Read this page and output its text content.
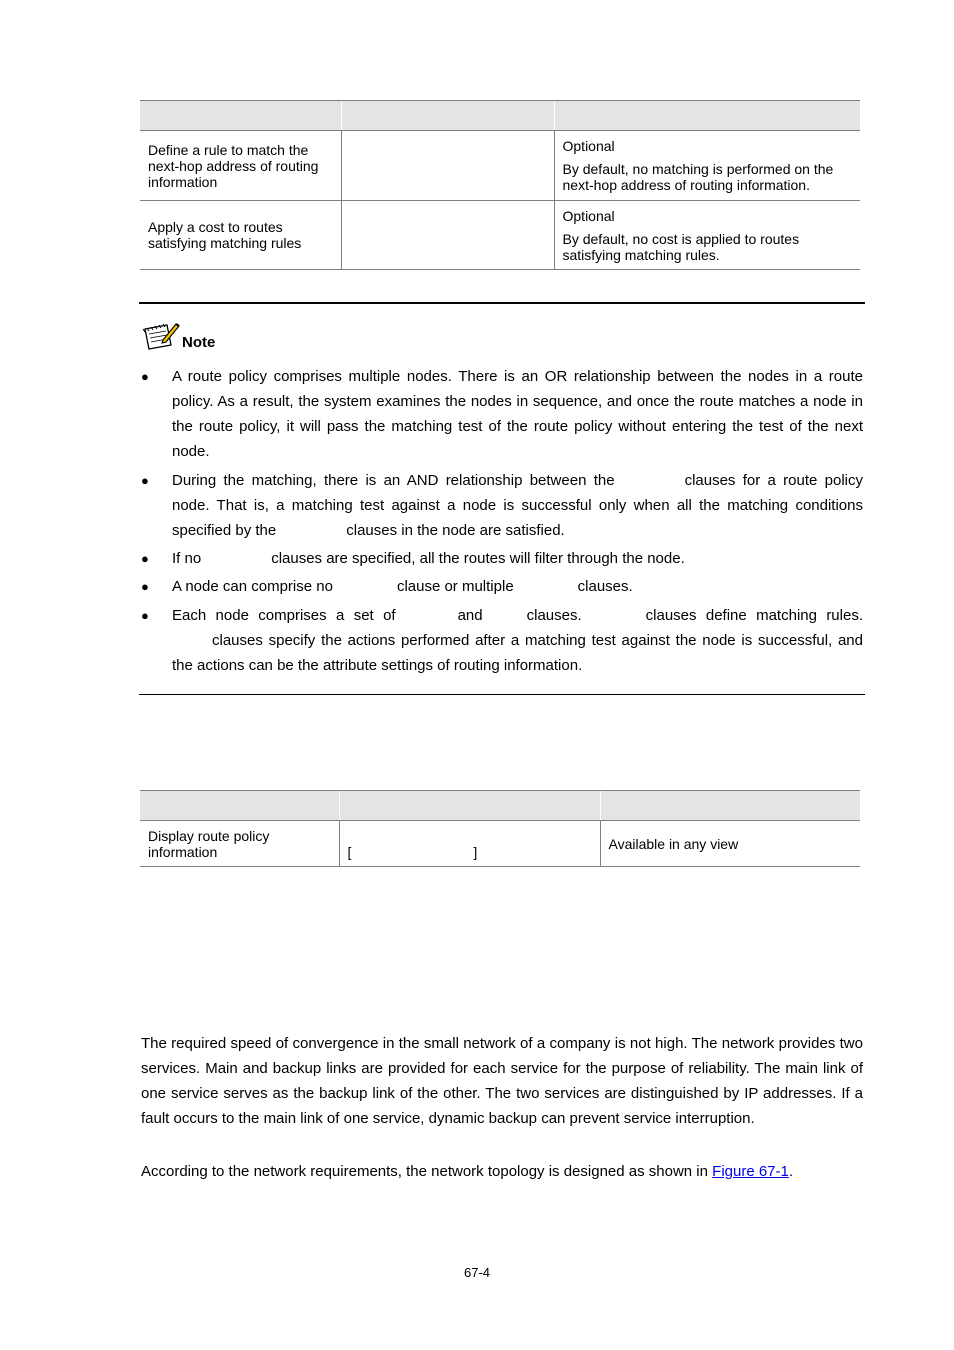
Define a rule to match the next-hop address of routing information		Optional

By default, no matching is performed on the next-hop address of routing information.

Apply a cost to routes satisfying matching rules		Optional

By default, no cost is applied to routes satisfying matching rules.

Note
● A route policy comprises multiple nodes. There is an OR relationship between the nodes in a route policy. As a result, the system examines the nodes in sequence, and once the route matches a node in the route policy, it will pass the matching test of the route policy without entering the test of the next node.
● During the matching, there is an AND relationship between the	clauses for a route policy node. That is, a matching test against a node is successful only when all the matching conditions specified by the	clauses in the node are satisfied.
● If no	clauses are specified, all the routes will filter through the node.
● A node can comprise no	clause or multiple	clauses.
● Each node comprises a set of	and	clauses.	clauses define matching rules. clauses specify the actions performed after a matching test against the node is successful, and the actions can be the attribute settings of routing information.

Display route policy information	[ ]	Available in any view
The required speed of convergence in the small network of a company is not high. The network provides two services. Main and backup links are provided for each service for the purpose of reliability. The main link of one service serves as the backup link of the other. The two services are distinguished by IP addresses. If a fault occurs to the main link of one service, dynamic backup can prevent service interruption.
According to the network requirements, the network topology is designed as shown in Figure 67-1.
67-4
